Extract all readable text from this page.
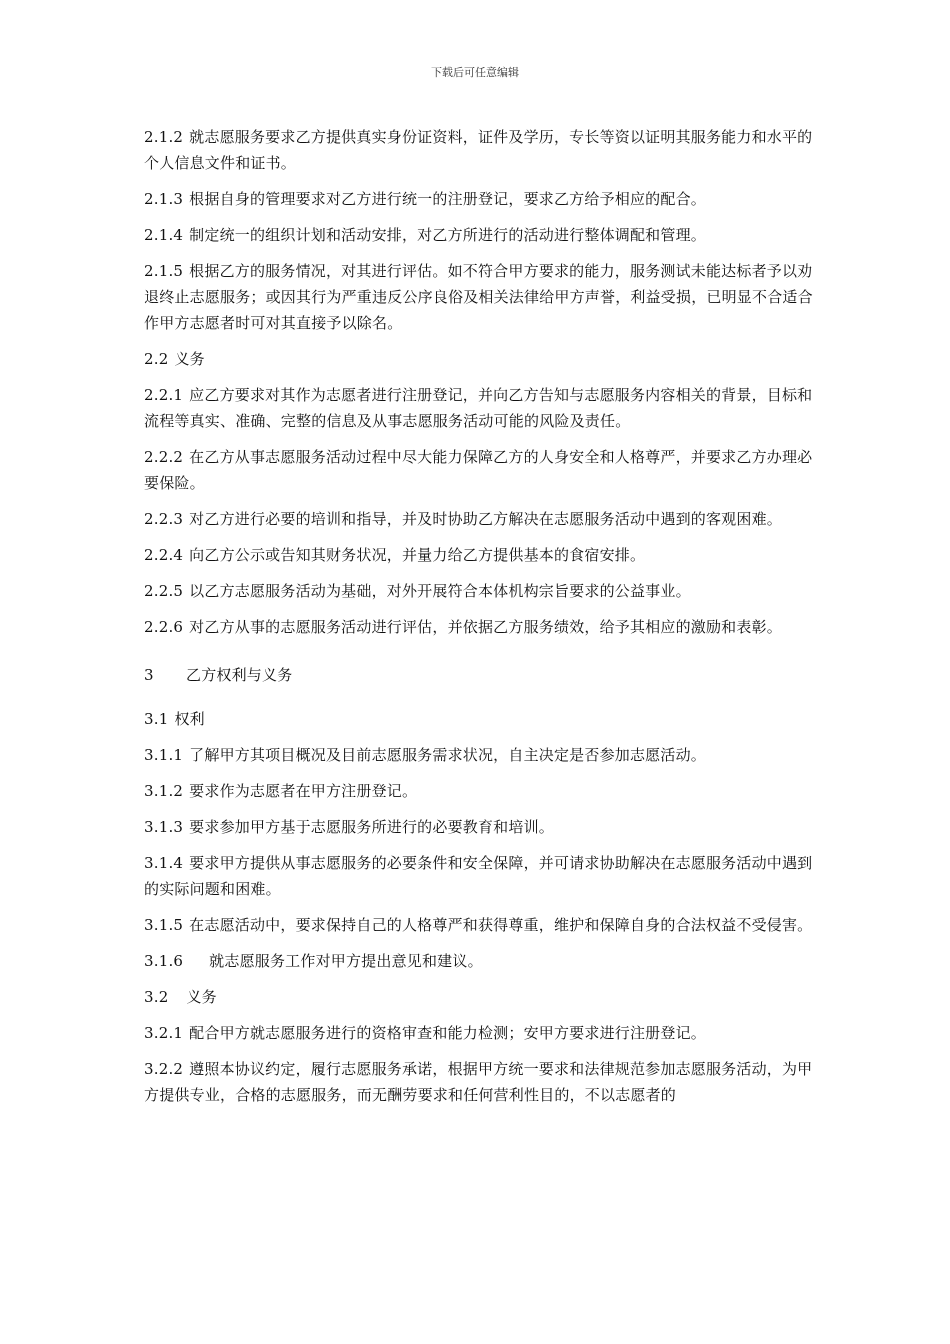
下载后可任意编辑

2.1.2 就志愿服务要求乙方提供真实身份证资料，证件及学历，专长等资以证明其服务能力和水平的个人信息文件和证书。

2.1.3 根据自身的管理要求对乙方进行统一的注册登记，要求乙方给予相应的配合。

2.1.4 制定统一的组织计划和活动安排，对乙方所进行的活动进行整体调配和管理。

2.1.5 根据乙方的服务情况，对其进行评估。如不符合甲方要求的能力，服务测试未能达标者予以劝退终止志愿服务；或因其行为严重违反公序良俗及相关法律给甲方声誉，利益受损，已明显不合适合作甲方志愿者时可对其直接予以除名。

2.2 义务

2.2.1 应乙方要求对其作为志愿者进行注册登记，并向乙方告知与志愿服务内容相关的背景，目标和流程等真实、准确、完整的信息及从事志愿服务活动可能的风险及责任。

2.2.2 在乙方从事志愿服务活动过程中尽大能力保障乙方的人身安全和人格尊严，并要求乙方办理必要保险。

2.2.3 对乙方进行必要的培训和指导，并及时协助乙方解决在志愿服务活动中遇到的客观困难。

2.2.4 向乙方公示或告知其财务状况，并量力给乙方提供基本的食宿安排。

2.2.5 以乙方志愿服务活动为基础，对外开展符合本体机构宗旨要求的公益事业。

2.2.6 对乙方从事的志愿服务活动进行评估，并依据乙方服务绩效，给予其相应的激励和表彰。

3 乙方权利与义务

3.1 权利

3.1.1 了解甲方其项目概况及目前志愿服务需求状况，自主决定是否参加志愿活动。

3.1.2 要求作为志愿者在甲方注册登记。

3.1.3 要求参加甲方基于志愿服务所进行的必要教育和培训。

3.1.4 要求甲方提供从事志愿服务的必要条件和安全保障，并可请求协助解决在志愿服务活动中遇到的实际问题和困难。

3.1.5 在志愿活动中，要求保持自己的人格尊严和获得尊重，维护和保障自身的合法权益不受侵害。

3.1.6 就志愿服务工作对甲方提出意见和建议。

3.2 义务

3.2.1 配合甲方就志愿服务进行的资格审查和能力检测；安甲方要求进行注册登记。

3.2.2 遵照本协议约定，履行志愿服务承诺，根据甲方统一要求和法律规范参加志愿服务活动，为甲方提供专业，合格的志愿服务，而无酬劳要求和任何营利性目的，不以志愿者的
